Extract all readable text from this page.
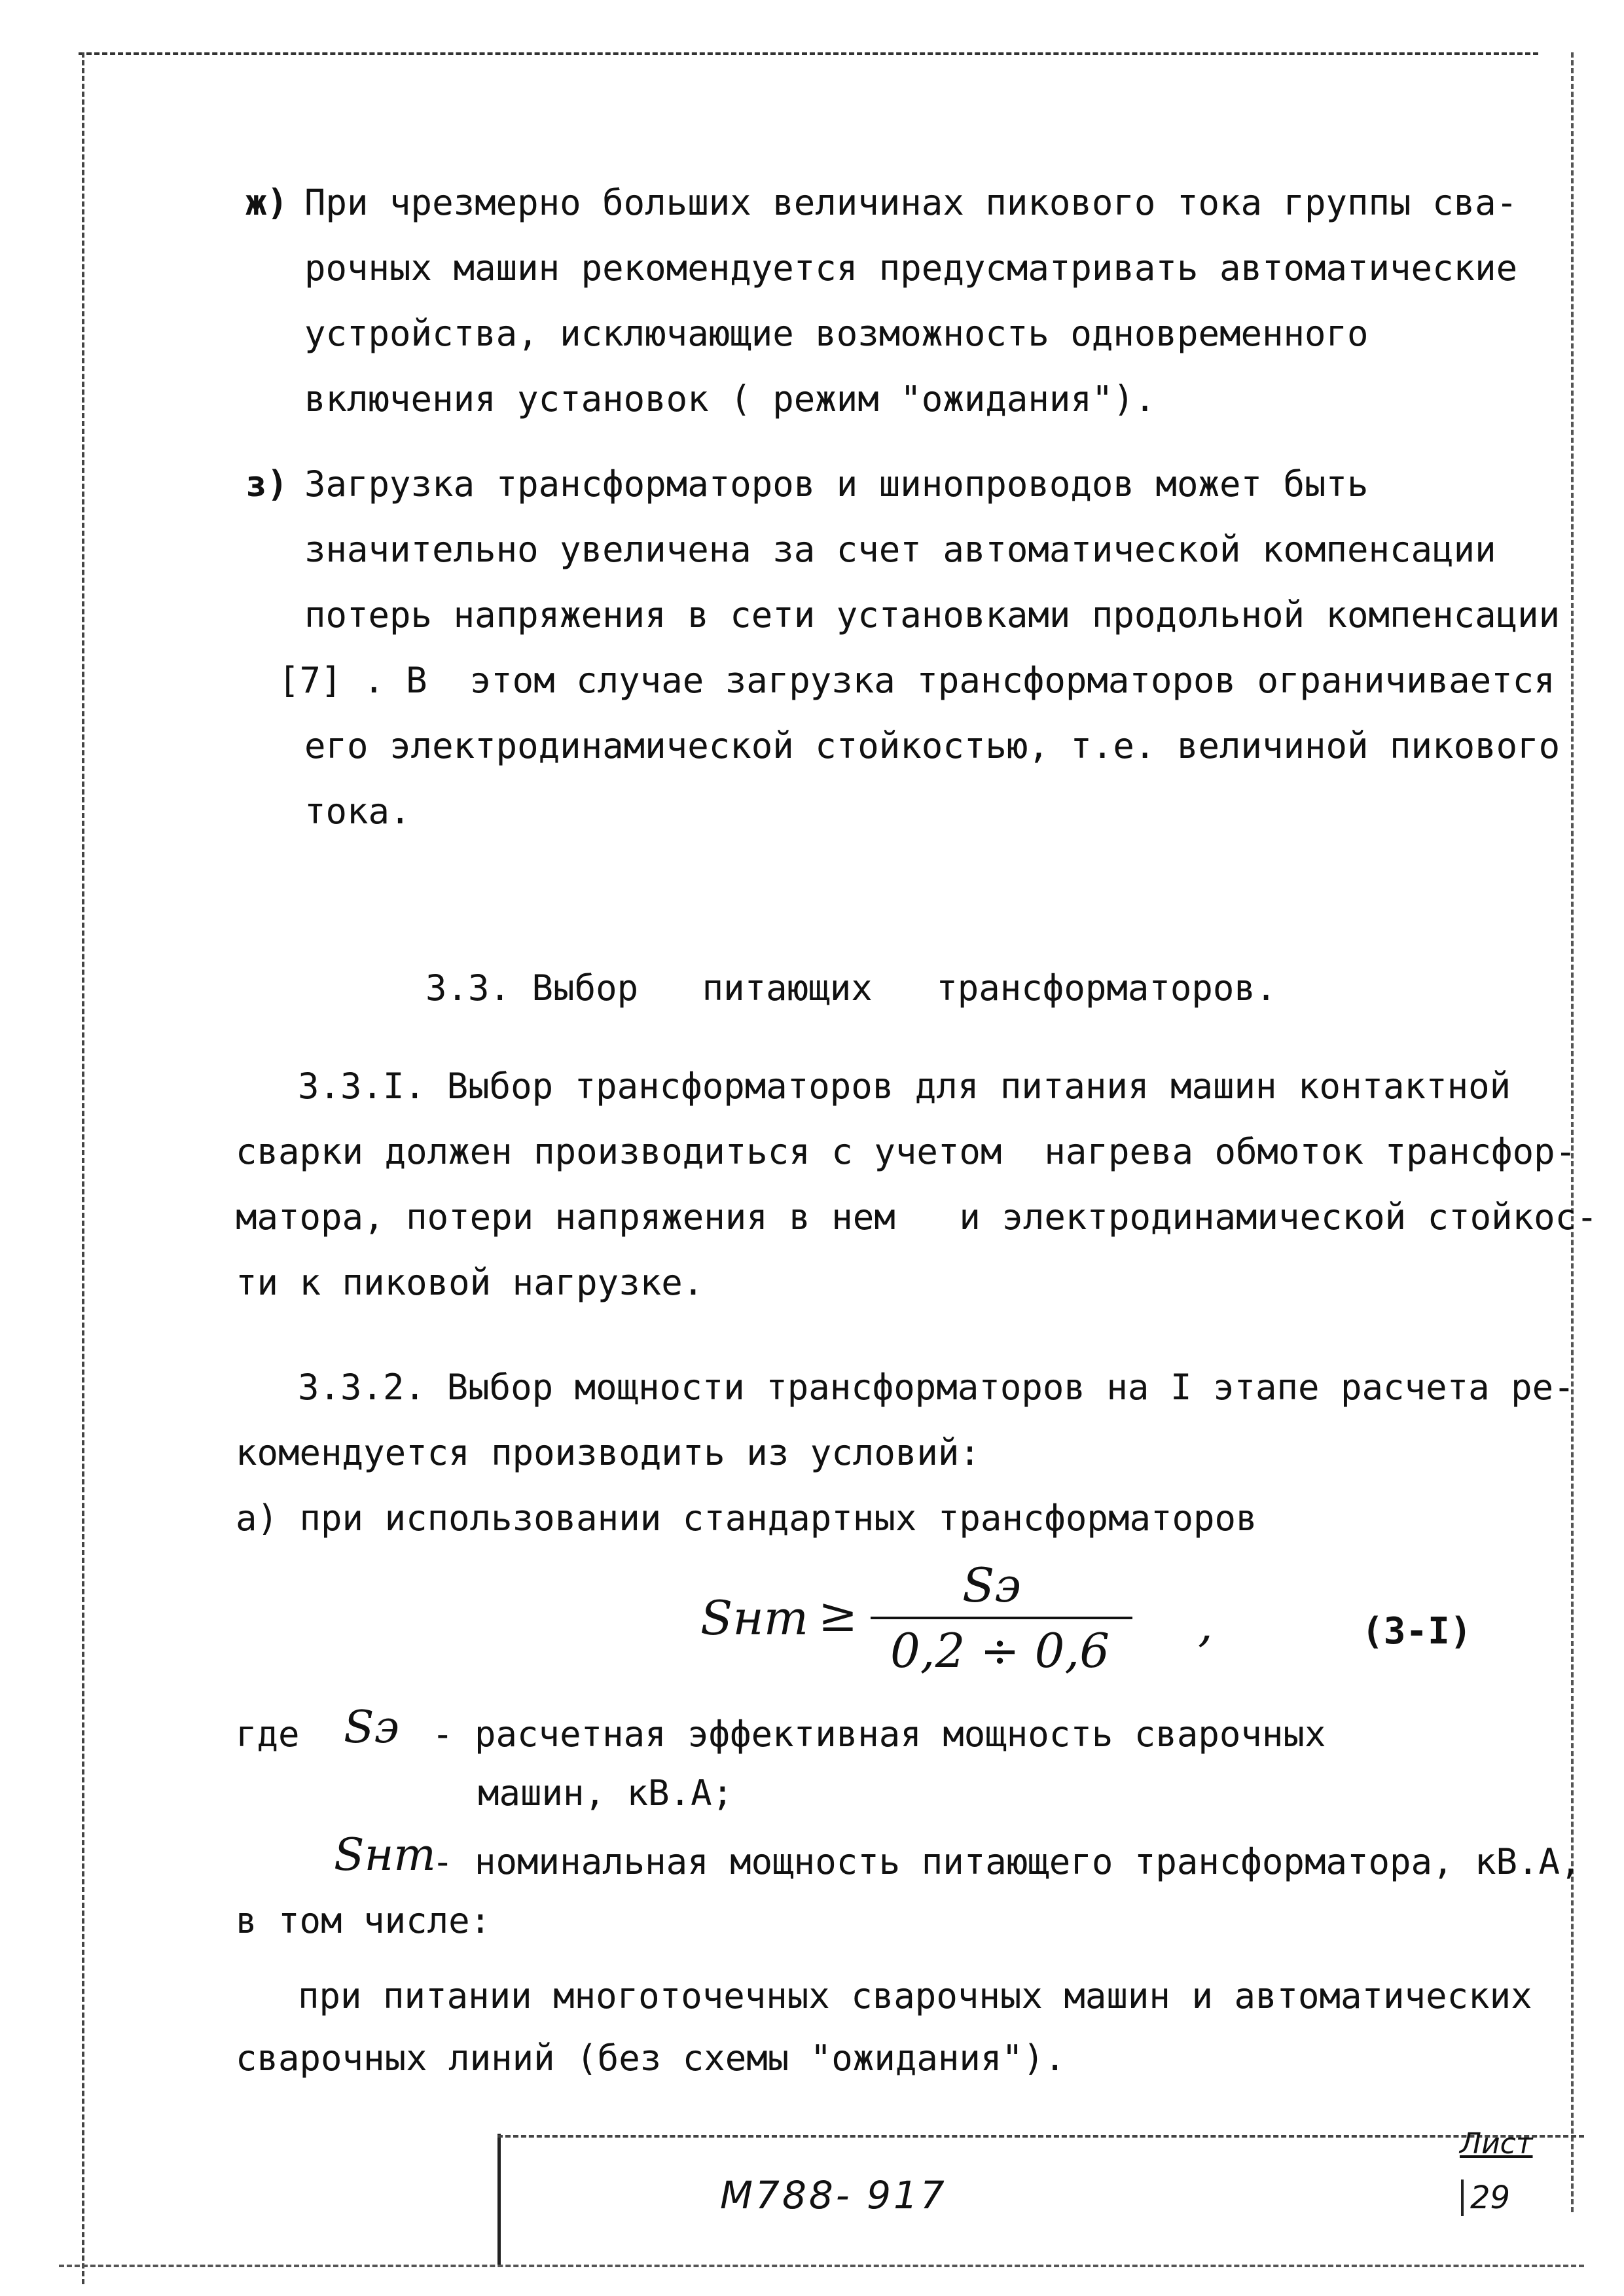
ж) При чрезмерно больших величинах пикового тока группы сва-
рочных машин рекомендуется предусматривать автоматические
устройства, исключающие возможность одновременного
включения установок ( режим "ожидания").
з) Загрузка трансформаторов и шинопроводов может быть
значительно увеличена за счет автоматической компенсации
потерь напряжения в сети установками продольной компенсации
[7] . В  этом случае загрузка трансформаторов ограничивается
его электродинамической стойкостью, т.е. величиной пикового
тока.
3.3. Выбор   питающих   трансформаторов.
3.3.I. Выбор трансформаторов для питания машин контактной
сварки должен производиться с учетом  нагрева обмоток трансфор-
матора, потери напряжения в нем   и электродинамической стойкос-
ти к пиковой нагрузке.
3.3.2. Выбор мощности трансформаторов на I этапе расчета ре-
комендуется производить из условий:
а) при использовании стандартных трансформаторов
Sнт ≥
Sэ
0,2 ÷ 0,6 ,	(3-I)
где Sэ - расчетная эффективная мощность сварочных
машин, кВ.А;
Sнт
- номинальная мощность питающего трансформатора, кВ.А,
в том числе:
при питании многоточечных сварочных машин и автоматических
сварочных линий (без схемы "ожидания").
М788- 917
Лист
29
